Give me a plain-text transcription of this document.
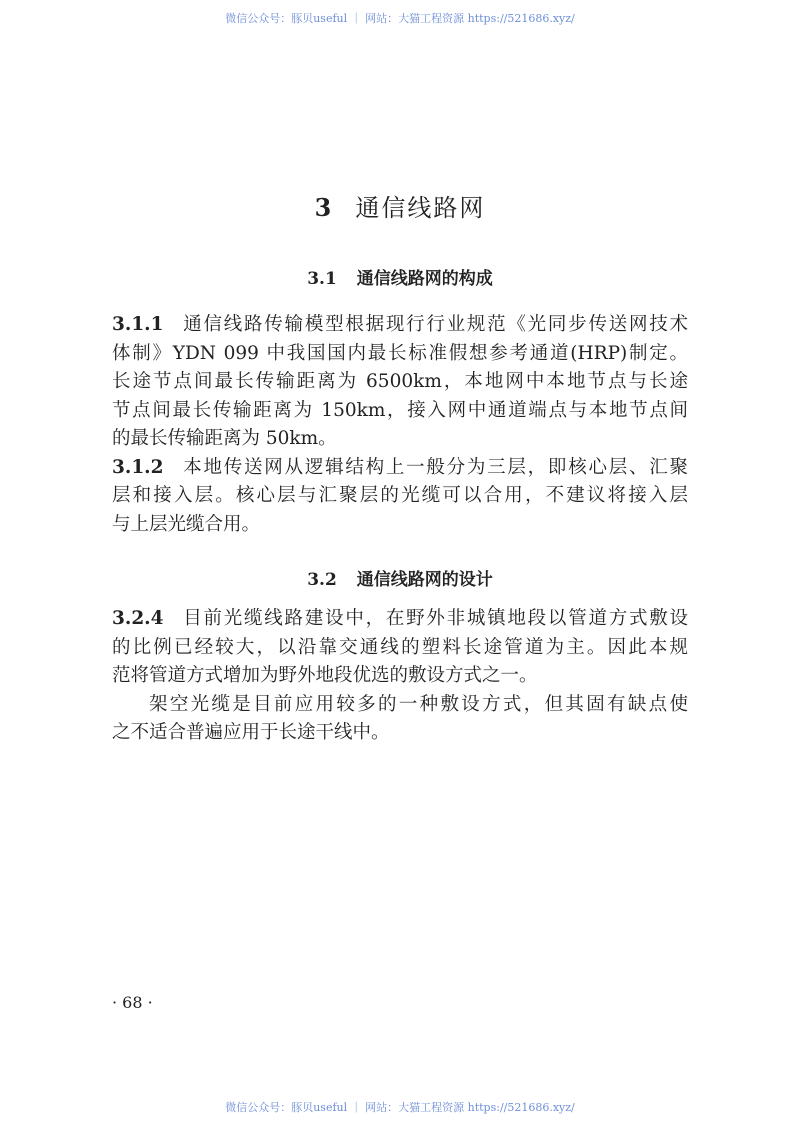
微信公众号：豚贝useful ｜ 网站：大猫工程资源 https://521686.xyz/
3 通信线路网
3.1 通信线路网的构成
3.1.1 通信线路传输模型根据现行行业规范《光同步传送网技术
体制》YDN 099 中我国国内最长标准假想参考通道(HRP)制定。
长途节点间最长传输距离为 6500km，本地网中本地节点与长途
节点间最长传输距离为 150km，接入网中通道端点与本地节点间
的最长传输距离为 50km。
3.1.2 本地传送网从逻辑结构上一般分为三层，即核心层、汇聚
层和接入层。核心层与汇聚层的光缆可以合用，不建议将接入层
与上层光缆合用。
3.2 通信线路网的设计
3.2.4 目前光缆线路建设中，在野外非城镇地段以管道方式敷设
的比例已经较大，以沿靠交通线的塑料长途管道为主。因此本规
范将管道方式增加为野外地段优选的敷设方式之一。
架空光缆是目前应用较多的一种敷设方式，但其固有缺点使
之不适合普遍应用于长途干线中。
· 68 ·
微信公众号：豚贝useful ｜ 网站：大猫工程资源 https://521686.xyz/
